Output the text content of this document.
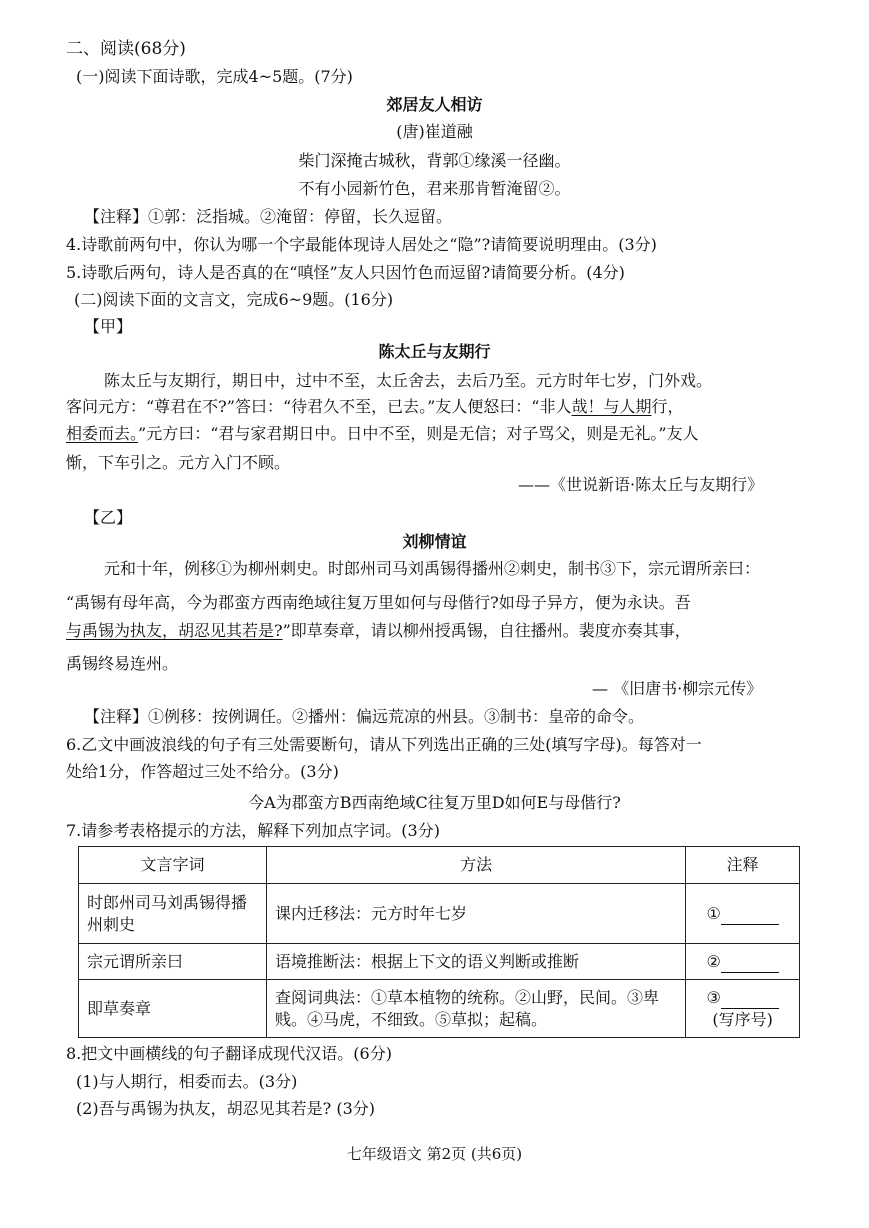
二、阅读(68分)
(一)阅读下面诗歌，完成4~5题。(7分)
郊居友人相访
(唐)崔道融
柴门深掩古城秋，背郭①缘溪一径幽。
不有小园新竹色，君来那肯暂淹留②。
【注释】①郭：泛指城。②淹留：停留，长久逗留。
4.诗歌前两句中，你认为哪一个字最能体现诗人居处之“隐”?请简要说明理由。(3分)
5.诗歌后两句，诗人是否真的在“嗔怪”友人只因竹色而逗留?请简要分析。(4分)
(二)阅读下面的文言文，完成6~9题。(16分)
【甲】
陈太丘与友期行
陈太丘与友期行，期日中，过中不至，太丘舍去，去后乃至。元方时年七岁，门外戏。
客问元方：“尊君在不?”答曰：“待君久不至，已去。”友人便怒曰：“非人哉！与人期行，
相委而去。”元方曰：“君与家君期日中。日中不至，则是无信；对子骂父，则是无礼。”友人
惭，下车引之。元方入门不顾。
——《世说新语·陈太丘与友期行》
【乙】
刘柳情谊
元和十年，例移①为柳州刺史。时郎州司马刘禹锡得播州②刺史，制书③下，宗元谓所亲曰：
“禹锡有母年高，今为郡蛮方西南绝域往复万里如何与母偕行?如母子异方，便为永诀。吾
与禹锡为执友，胡忍见其若是?”即草奏章，请以柳州授禹锡，自往播州。裴度亦奏其事，
禹锡终易连州。
— 《旧唐书·柳宗元传》
【注释】①例移：按例调任。②播州：偏远荒凉的州县。③制书：皇帝的命令。
6.乙文中画波浪线的句子有三处需要断句，请从下列选出正确的三处(填写字母)。每答对一
处给1分，作答超过三处不给分。(3分)
今A为郡蛮方B西南绝域C往复万里D如何E与母偕行?
7.请参考表格提示的方法，解释下列加点字词。(3分)
文言字词	方法	注释
时郎州司马刘禹锡得播州刺史	课内迁移法：元方时年七岁	①
宗元谓所亲曰	语境推断法：根据上下文的语义判断或推断	②
即草奏章	查阅词典法：①草本植物的统称。②山野，民间。③卑贱。④马虎，不细致。⑤草拟；起稿。	③
(写序号)
8.把文中画横线的句子翻译成现代汉语。(6分)
(1)与人期行，相委而去。(3分)
(2)吾与禹锡为执友，胡忍见其若是? (3分)
七年级语文 第2页 (共6页)
